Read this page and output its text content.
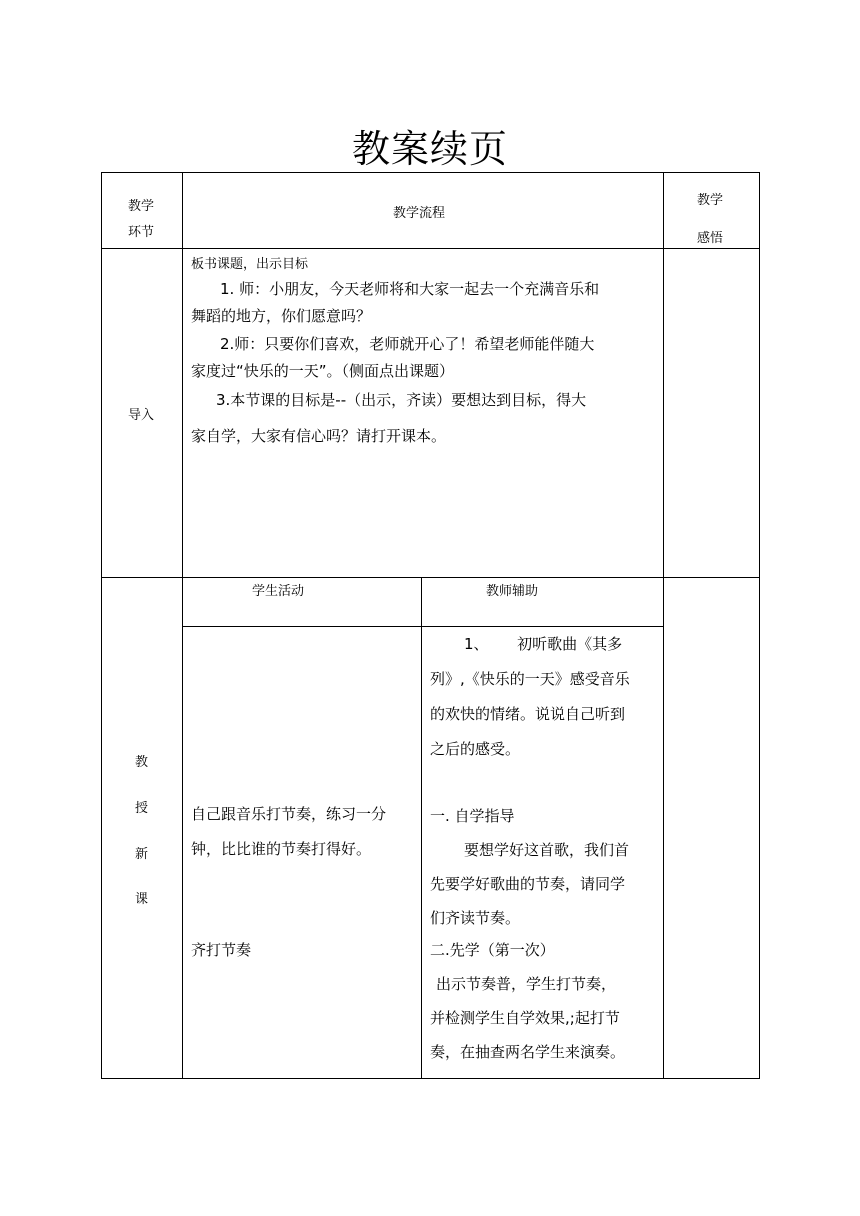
教案续页
教学
环节
教学流程
教学
感悟
导入
板书课题，出示目标
1. 师：小朋友，今天老师将和大家一起去一个充满音乐和
舞蹈的地方，你们愿意吗？
2.师：只要你们喜欢，老师就开心了！希望老师能伴随大
家度过“快乐的一天”。（侧面点出课题）
3.本节课的目标是--（出示，齐读）要想达到目标，得大
家自学，大家有信心吗？请打开课本。
教
授
新
课
学生活动	教师辅助
自己跟音乐打节奏，练习一分
钟，比比谁的节奏打得好。
齐打节奏
1、      初听歌曲《其多
列》,《快乐的一天》感受音乐
的欢快的情绪。说说自己听到
之后的感受。
一. 自学指导
要想学好这首歌，我们首
先要学好歌曲的节奏，请同学
们齐读节奏。
二.先学（第一次）
出示节奏普，学生打节奏，
并检测学生自学效果,;起打节
奏，在抽查两名学生来演奏。
